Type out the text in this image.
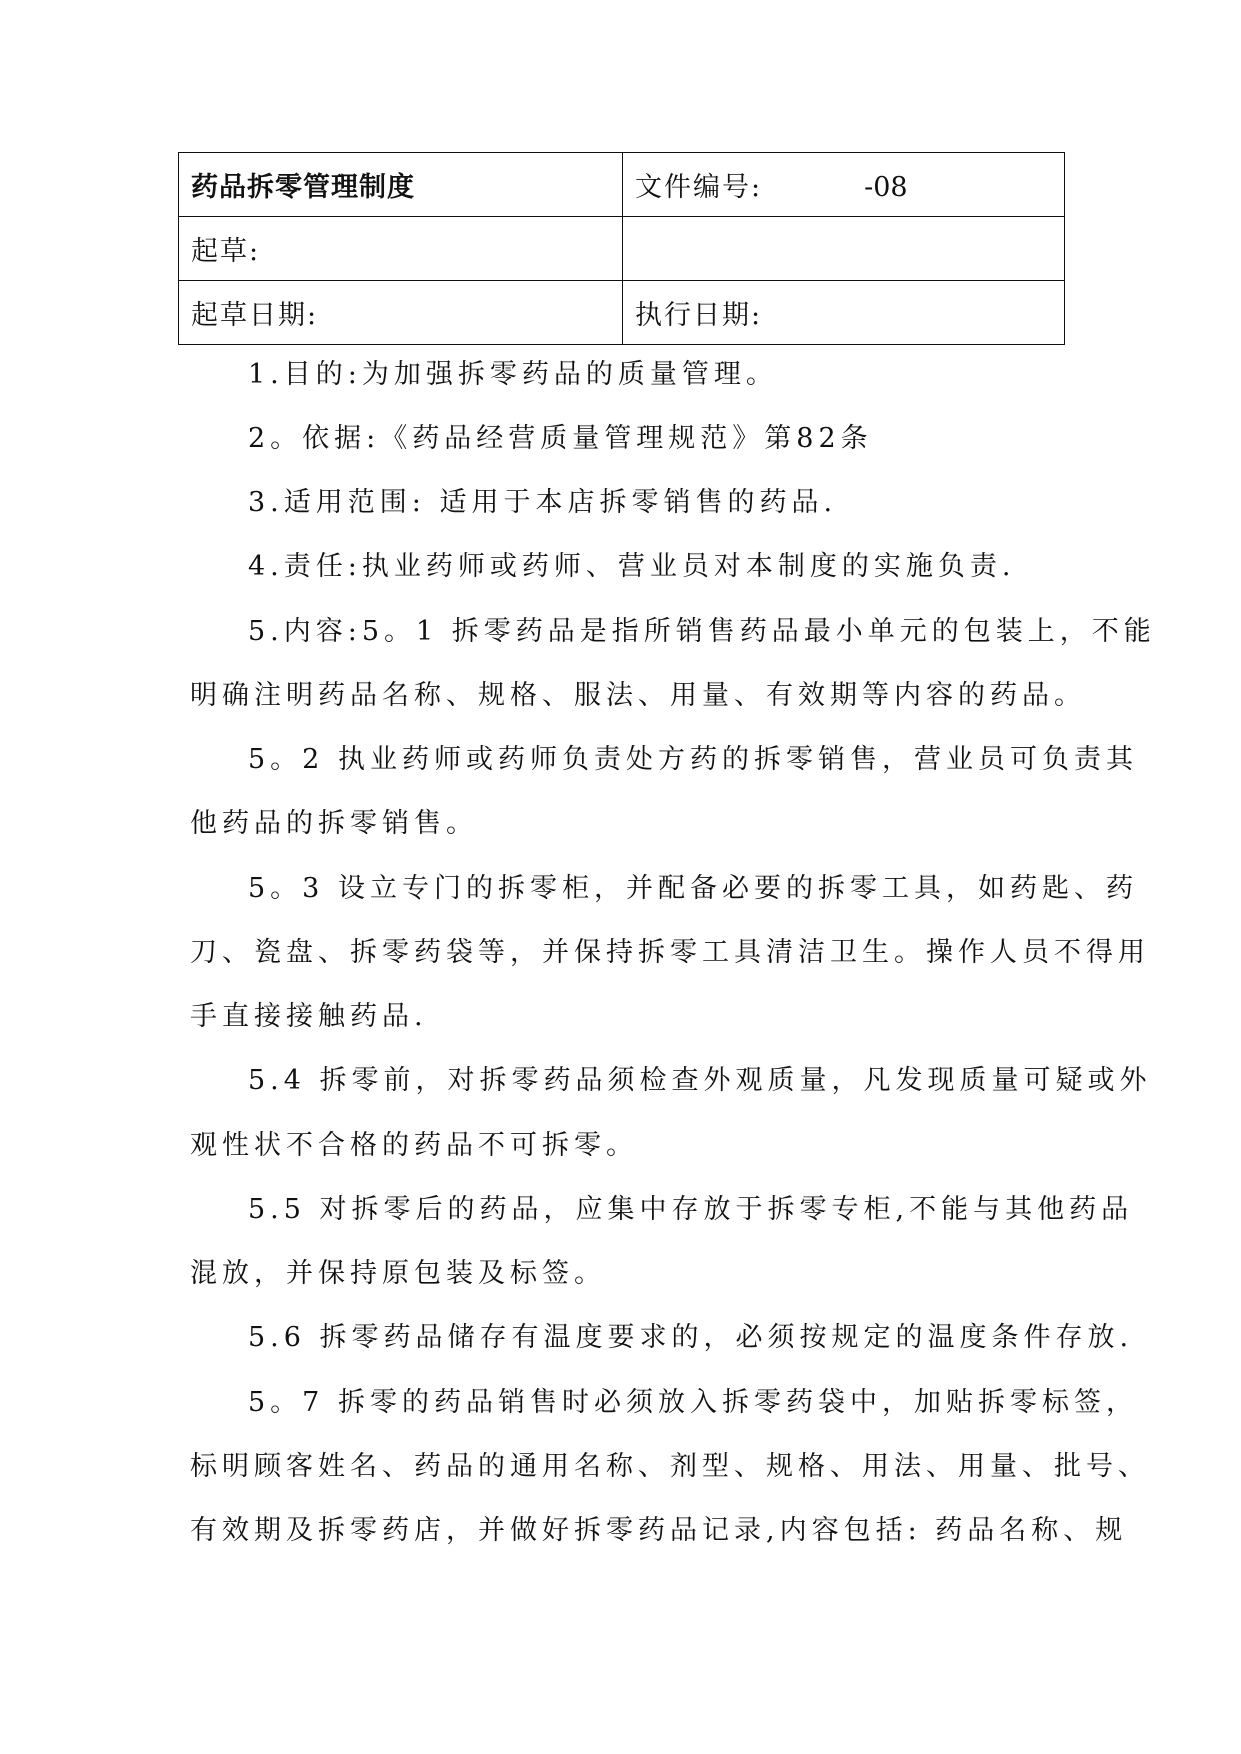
药品拆零管理制度	文件编号: -08
起草:	
起草日期:	执行日期:
1.目的:为加强拆零药品的质量管理。
2。依据:《药品经营质量管理规范》第82条
3.适用范围: 适用于本店拆零销售的药品.
4.责任:执业药师或药师、营业员对本制度的实施负责.
5.内容:5。1 拆零药品是指所销售药品最小单元的包装上，不能
明确注明药品名称、规格、服法、用量、有效期等内容的药品。
5。2 执业药师或药师负责处方药的拆零销售，营业员可负责其
他药品的拆零销售。
5。3 设立专门的拆零柜，并配备必要的拆零工具，如药匙、药
刀、瓷盘、拆零药袋等，并保持拆零工具清洁卫生。操作人员不得用
手直接接触药品.
5.4 拆零前，对拆零药品须检查外观质量，凡发现质量可疑或外
观性状不合格的药品不可拆零。
5.5 对拆零后的药品，应集中存放于拆零专柜,不能与其他药品
混放，并保持原包装及标签。
5.6 拆零药品储存有温度要求的，必须按规定的温度条件存放.
5。7 拆零的药品销售时必须放入拆零药袋中，加贴拆零标签，
标明顾客姓名、药品的通用名称、剂型、规格、用法、用量、批号、
有效期及拆零药店，并做好拆零药品记录,内容包括: 药品名称、规
